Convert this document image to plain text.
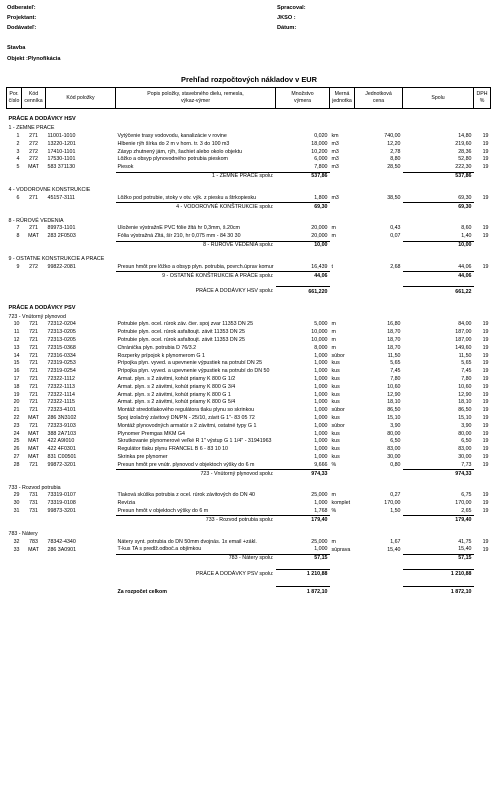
Odberateľ:
Projektant:
Dodávateľ:
Spracoval:
JKSO :
Dátum:
Stavba
Objekt :Plynofikácia
Prehľad rozpočtových nákladov v EUR
Por.
číslo	Kód
cenníka	Kód položky	Popis položky, stavebného dielu, remesla,
výkaz-výmer	Množstvo
výmera	Merná
jednotka	Jednotková
cena	Spolu	DPH
%

PRÁCE A DODÁVKY HSV								
1 - ZEMNÉ PRÁCE								
1	271	11001-1010	Vytýčenie trasy vodovodu, kanalizácie v rovine	0,020	km	740,00	14,80	19
2	272	13220-1201	Hĺbenie rýh šírka do 2 m v horn. tr. 3 do 100 m3	18,000	m3	12,20	219,60	19
3	272	17410-1101	Zásyp zhutnený jám, rýh, šachiet alebo okolo objektu	10,200	m3	2,78	28,36	19
4	272	17530-1101	Lôžko a obsyp plynovodného potrubia pieskom	6,000	m3	8,80	52,80	19
5	MAT	583 371130	Piesok	7,800	m3	28,50	222,30	19
			1 - ZEMNÉ PRÁCE spolu:	537,86			537,86	

4 - VODOROVNÉ KONŠTRUKCIE								
6	271	45157-3111	Lôžko pod potrubie, stoky v otv. výk. z piesku a štrkopiesku	1,800	m3	38,50	69,30	19
			4 - VODOROVNÉ KONŠTRUKCIE spolu:	69,30			69,30	

8 - RÚROVÉ VEDENIA								
7	271	89973-1101	Uloženie výstražnÉ PVC fólie žltá hr 0,3mm, š.20cm	20,000	m	0,43	8,60	19
8	MAT	283 2F0503	Fólia výstražná Žltá, šír 210, hr 0,075 mm - 84 30 30	20,000	m	0,07	1,40	19
			8 - RÚROVÉ VEDENIA spolu:	10,00			10,00	

9 - OSTATNÉ KONŠTRUKCIE A PRÁCE								
9	272	99822-2081	Presun hmôt pre lôžko a obsyp plyn. potrubia, povrch.úprav komur	16,439	t	2,68	44,06	19
			9 - OSTATNÉ KONŠTRUKCIE A PRÁCE spolu:	44,06			44,06	

			PRÁCE A DODÁVKY HSV spolu:	661,220			661,22	

PRÁCE A DODÁVKY PSV								
723 - Vnútorný plynovod								
10	721	72312-0204	Potrubie plyn. ocel. rúrok záv. čier. spoj zvar 11353 DN 25	5,000	m	16,80	84,00	19
11	721	72313-0205	Potrubie plyn. ocel. rúrok asfaltoujt. závit 11353 DN 25	10,000	m	18,70	187,00	19
12	721	72313-0205	Potrubie plyn. ocel. rúrok asfaltoujt. závit 11353 DN 25	10,000	m	18,70	187,00	19
13	721	72315-0368	Chránička plyn. potrubia D 76/3.2	8,000	m	18,70	149,60	19
14	721	72316-0334	Rozperky prípojok k plynomerom G 1	1,000	súbor	11,50	11,50	19
15	721	72319-0253	Prípojka plyn. vyved. a upevnenie výpustiek na potrubí DN 25	1,000	kus	5,65	5,65	19
16	721	72319-0254	Prípojka plyn. vyved. a upevnenie výpustiek na potrubí do DN 50	1,000	kus	7,45	7,45	19
17	721	72322-1112	Armat. plyn. s 2 závitmi, kohút priamy K 800 G 1/2	1,000	kus	7,80	7,80	19
18	721	72322-1113	Armat. plyn. s 2 závitmi, kohút priamy K 800 G 3/4	1,000	kus	10,60	10,60	19
19	721	72322-1114	Armat. plyn. s 2 závitmi, kohút priamy K 800 G 1	1,000	kus	12,90	12,90	19
20	721	72322-1115	Armat. plyn. s 2 závitmi, kohút priamy K 800 G 5/4	1,000	kus	18,10	18,10	19
21	721	72323-4101	Montáž stredotlakového regulátora tlaku plynu so skrinkou	1,000	súbor	86,50	86,50	19
22	MAT	286 3N3102	Spoj izolačný závitový DN/PN - 25/10, závit G 1"- 83 05 72	1,000	kus	15,10	15,10	19
23	721	72323-9103	Montáž plynovodných armatúr s 2 závitmi, ostatné typy G 1	1,000	súbor	3,90	3,90	19
24	MAT	388 2A7103	Plynomer Premgas MKM G4	1,000	kus	80,00	80,00	19
25	MAT	422 A9I010	Skrutkovanie plynomerové veľké R 1" výstup G 1 1/4" - 31941963	1,000	kus	6,50	6,50	19
26	MAT	422 4F0301	Regulátor tlaku plynu FRANCEL B 6 - 83 10 10	1,000	kus	83,00	83,00	19
27	MAT	831 C00501	Skrinka pre plynomer	1,000	kus	30,00	30,00	19
28	721	99872-3201	Presun hmôt pre vnútr. plynovod v objektoch výšky do 6 m	9,666	%	0,80	7,73	19
			723 - Vnútorný plynovod spolu:	974,33			974,33	

733 - Rozvod potrubia								
29	731	73319-0107	Tlaková skúška potrubia z ocel. rúrok závitových do DN 40	25,000	m	0,27	6,75	19
30	731	73319-0108	Revízia	1,000	komplet	170,00	170,00	19
31	731	99873-3201	Presun hmôt v objektoch výšky do 6 m	1,768	%	1,50	2,65	19
			733 - Rozvod potrubia spolu:	179,40			179,40	

783 - Nátery								
32	783	78342-4340	Nátery synt. potrubia do DN 50mm dvojnás. 1x email +zákl.	25,000	m	1,67	41,75	19
33	MAT	286 3A0901	T-kus TA s predĺž.odboč.a objímkou	1,000	súprava	15,40	15,40	19
			783 - Nátery spolu:	57,15			57,15	

			PRÁCE A DODÁVKY PSV spolu:	1 210,88			1 210,88	

			Za rozpočet celkom	1 872,10			1 872,10	
